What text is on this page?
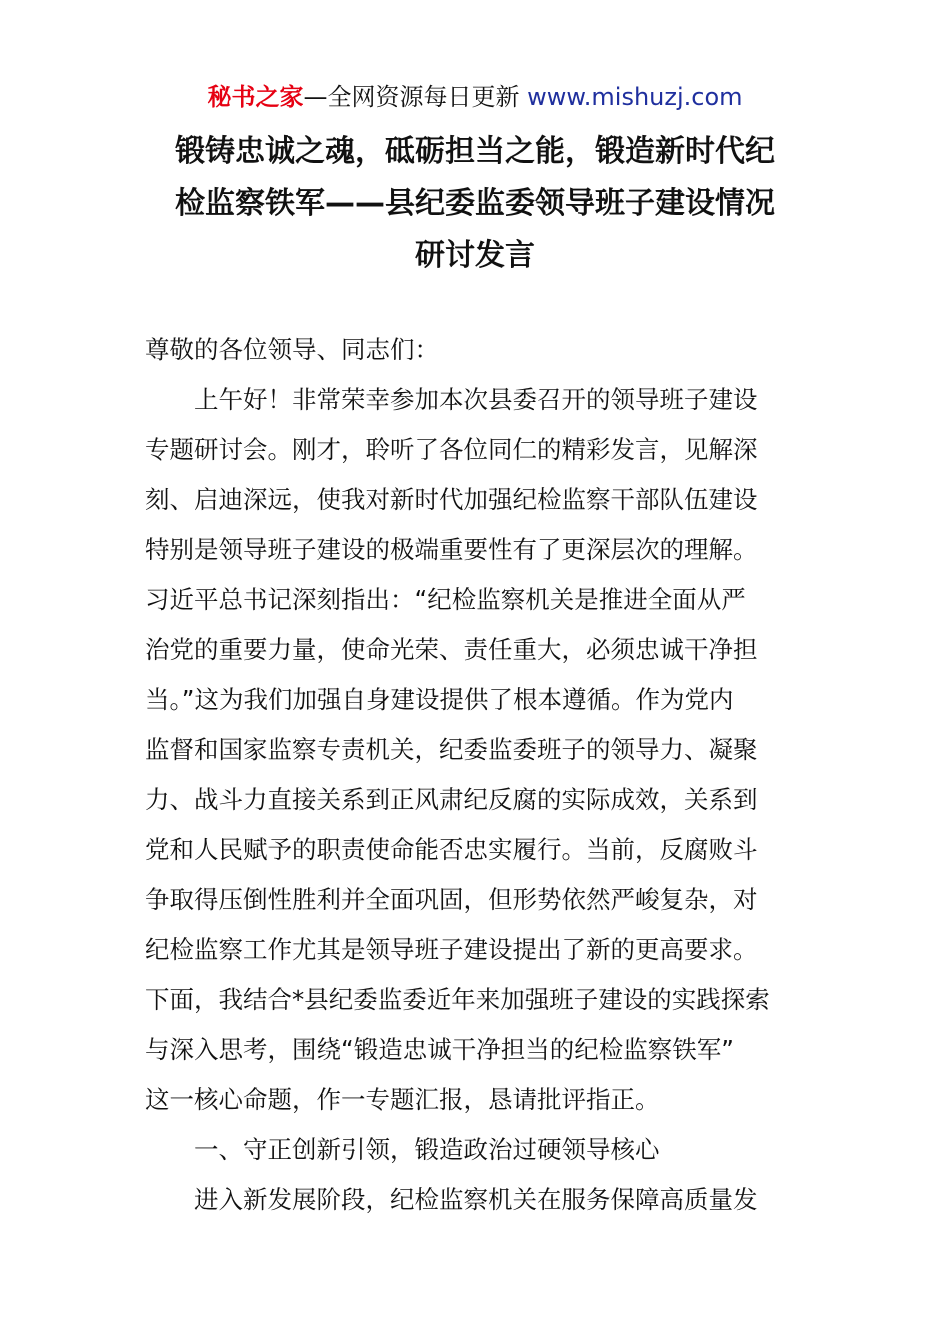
秘书之家—全网资源每日更新 www.mishuzj.com
锻铸忠诚之魂，砥砺担当之能，锻造新时代纪
检监察铁军——县纪委监委领导班子建设情况
研讨发言
尊敬的各位领导、同志们：
上午好！非常荣幸参加本次县委召开的领导班子建设
专题研讨会。刚才，聆听了各位同仁的精彩发言，见解深
刻、启迪深远，使我对新时代加强纪检监察干部队伍建设
特别是领导班子建设的极端重要性有了更深层次的理解。
习近平总书记深刻指出：“纪检监察机关是推进全面从严
治党的重要力量，使命光荣、责任重大，必须忠诚干净担
当。”这为我们加强自身建设提供了根本遵循。作为党内
监督和国家监察专责机关，纪委监委班子的领导力、凝聚
力、战斗力直接关系到正风肃纪反腐的实际成效，关系到
党和人民赋予的职责使命能否忠实履行。当前，反腐败斗
争取得压倒性胜利并全面巩固，但形势依然严峻复杂，对
纪检监察工作尤其是领导班子建设提出了新的更高要求。
下面，我结合*县纪委监委近年来加强班子建设的实践探索
与深入思考，围绕“锻造忠诚干净担当的纪检监察铁军”
这一核心命题，作一专题汇报，恳请批评指正。
一、守正创新引领，锻造政治过硬领导核心
进入新发展阶段，纪检监察机关在服务保障高质量发
